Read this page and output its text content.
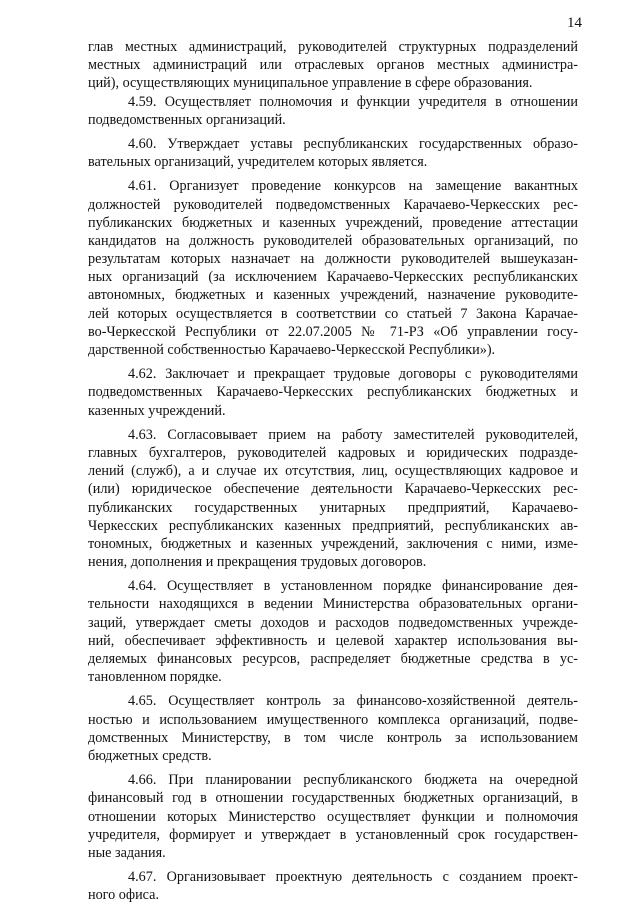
14
глав местных администраций, руководителей структурных подразделений
местных администраций или отраслевых органов местных администра-
ций), осуществляющих муниципальное управление в сфере образования.
4.59. Осуществляет полномочия и функции учредителя в отношении
подведомственных организаций.
4.60. Утверждает уставы республиканских государственных образо-
вательных организаций, учредителем которых является.
4.61. Организует проведение конкурсов на замещение вакантных
должностей руководителей подведомственных Карачаево-Черкесских рес-
публиканских бюджетных и казенных учреждений, проведение аттестации
кандидатов на должность руководителей образовательных организаций, по
результатам которых назначает на должности руководителей вышеуказан-
ных организаций (за исключением Карачаево-Черкесских республиканских
автономных, бюджетных и казенных учреждений, назначение руководите-
лей которых осуществляется в соответствии со статьей 7 Закона Карачае-
во-Черкесской Республики от 22.07.2005 № 71-РЗ «Об управлении госу-
дарственной собственностью Карачаево-Черкесской Республики»).
4.62. Заключает и прекращает трудовые договоры с руководителями
подведомственных Карачаево-Черкесских республиканских бюджетных и
казенных учреждений.
4.63. Согласовывает прием на работу заместителей руководителей,
главных бухгалтеров, руководителей кадровых и юридических подразде-
лений (служб), а и случае их отсутствия, лиц, осуществляющих кадровое и
(или) юридическое обеспечение деятельности Карачаево-Черкесских рес-
публиканских государственных унитарных предприятий, Карачаево-
Черкесских республиканских казенных предприятий, республиканских ав-
тономных, бюджетных и казенных учреждений, заключения с ними, изме-
нения, дополнения и прекращения трудовых договоров.
4.64. Осуществляет в установленном порядке финансирование дея-
тельности находящихся в ведении Министерства образовательных органи-
заций, утверждает сметы доходов и расходов подведомственных учрежде-
ний, обеспечивает эффективность и целевой характер использования вы-
деляемых финансовых ресурсов, распределяет бюджетные средства в ус-
тановленном порядке.
4.65. Осуществляет контроль за финансово-хозяйственной деятель-
ностью и использованием имущественного комплекса организаций, подве-
домственных Министерству, в том числе контроль за использованием
бюджетных средств.
4.66. При планировании республиканского бюджета на очередной
финансовый год в отношении государственных бюджетных организаций, в
отношении которых Министерство осуществляет функции и полномочия
учредителя, формирует и утверждает в установленный срок государствен-
ные задания.
4.67. Организовывает проектную деятельность с созданием проект-
ного офиса.
